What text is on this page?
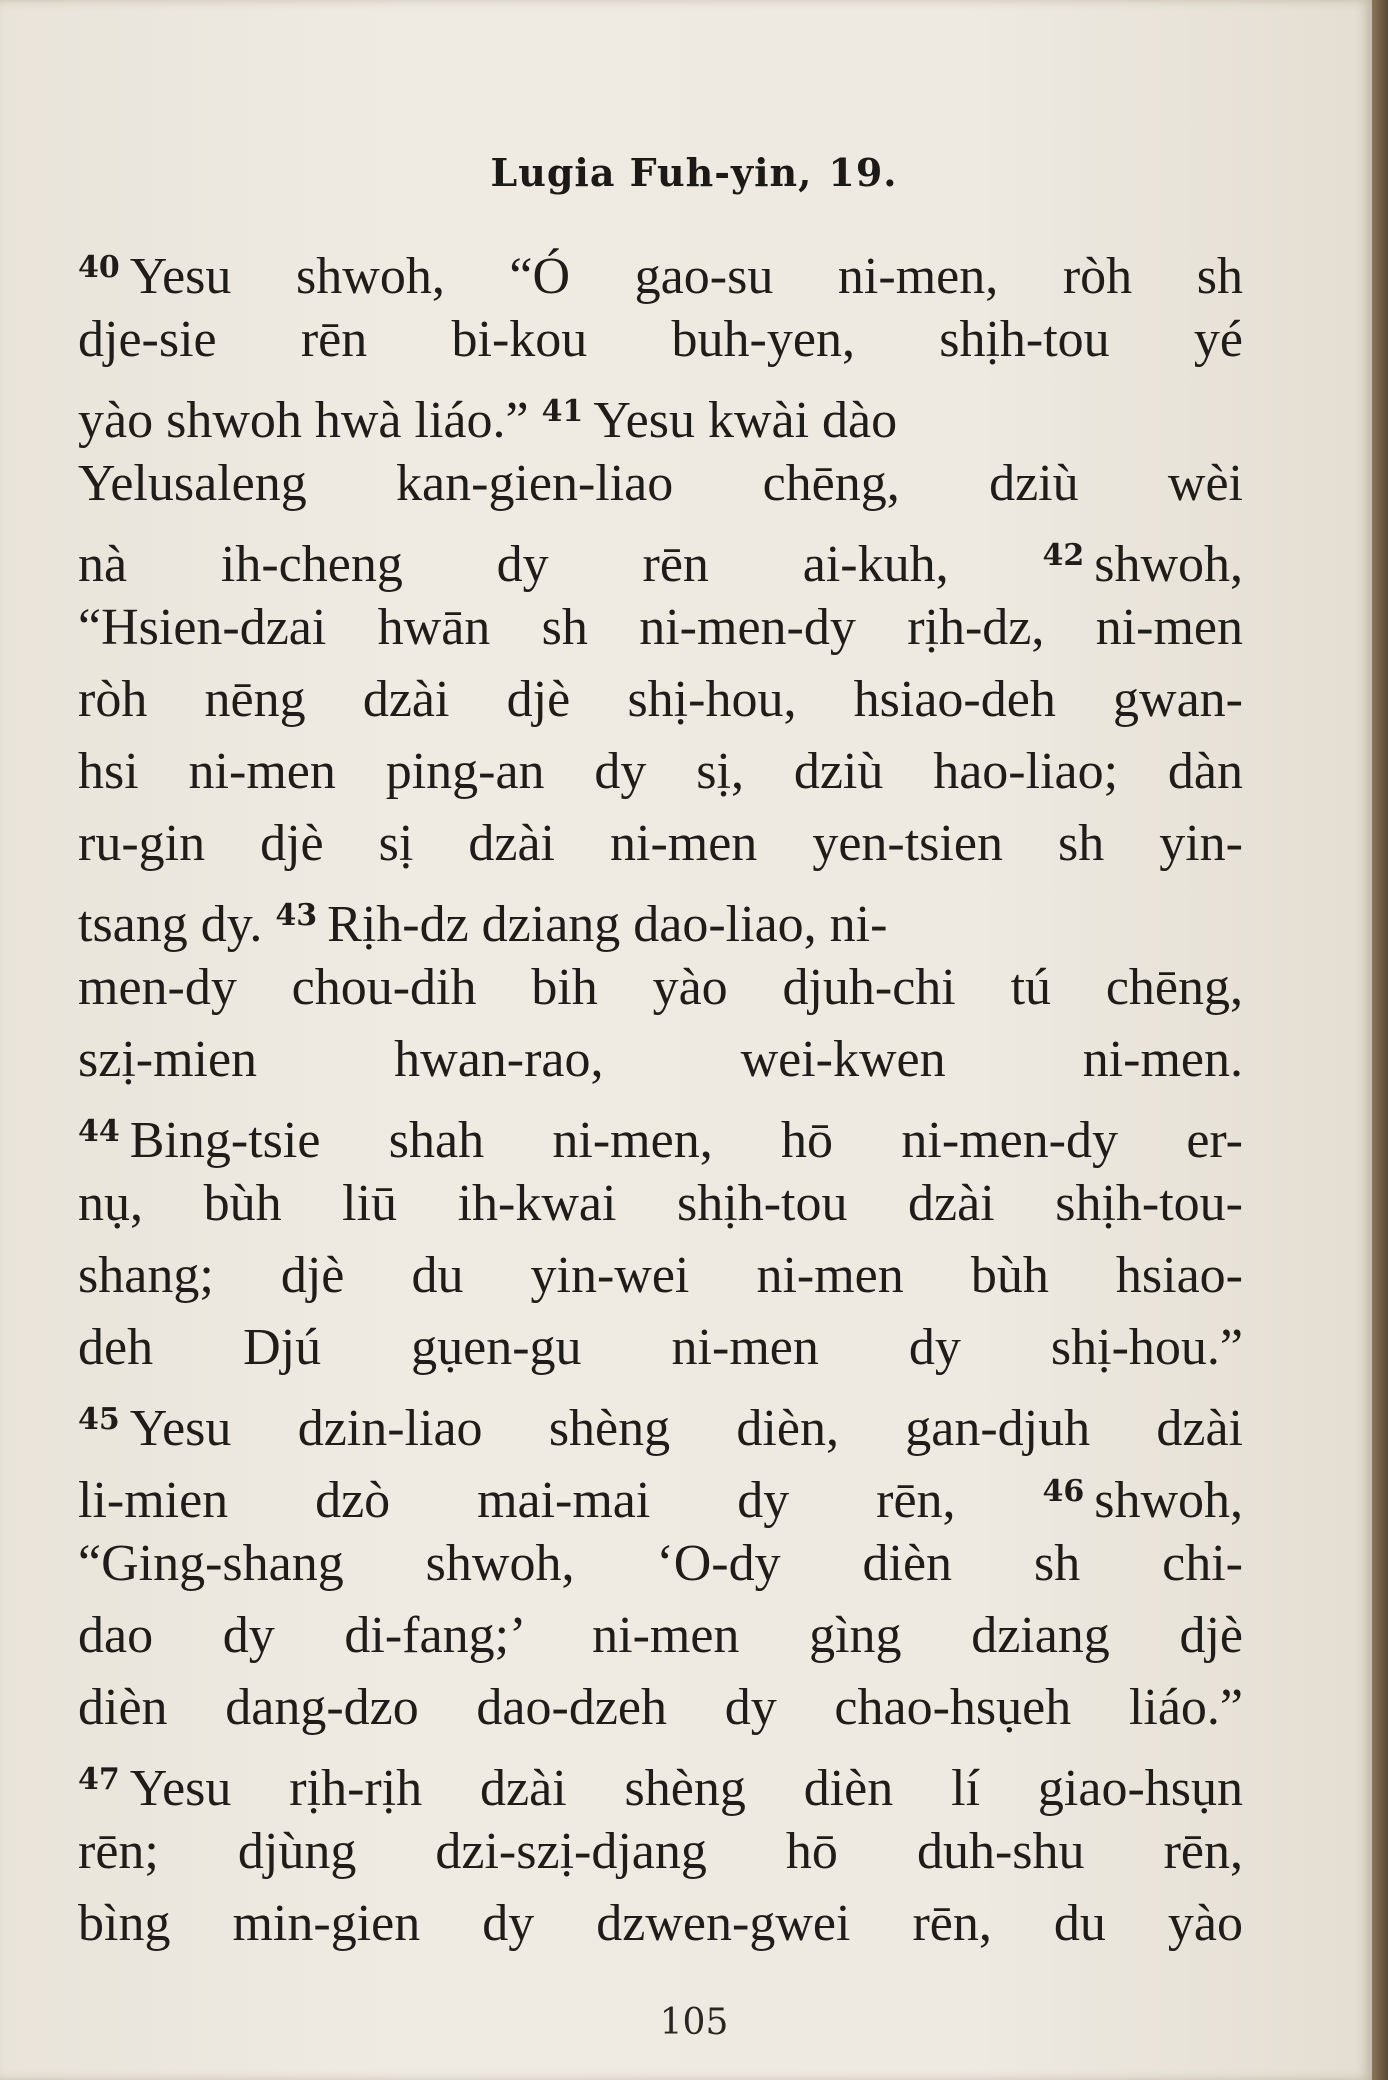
Lugia Fuh-yin, 19.
$^{40}$ Yesu shwoh, “Ó gao-su ni-men, ròh sh
dje-sie rēn bi-kou buh-yen, shịh-tou yé
yào shwoh hwà liáo.” $^{41}$ Yesu kwài dào
Yelusaleng kan-gien-liao chēng, dziù wèi
nà ih-cheng dy rēn ai-kuh,	$^{42}$ shwoh,
“Hsien-dzai hwān sh ni-men-dy rịh-dz, ni-men
ròh nēng dzài djè shị-hou, hsiao-deh gwan-
hsi ni-men ping-an dy sị, dziù hao-liao; dàn
ru-gin djè sị dzài ni-men yen-tsien sh yin-
tsang dy. $^{43}$ Rịh-dz dziang dao-liao, ni-
men-dy chou-dih bih yào djuh-chi tú chēng,
szị-mien hwan-rao, wei-kwen ni-men.
$^{44}$ Bing-tsie shah ni-men, hō ni-men-dy er-
nụ, bùh liū ih-kwai shịh-tou dzài shịh-tou-
shang; djè du yin-wei ni-men bùh hsiao-
deh Djú gụen-gu ni-men dy shị-hou.”
$^{45}$ Yesu dzin-liao shèng dièn, gan-djuh dzài
li-mien dzò mai-mai dy rēn,	$^{46}$ shwoh,
“Ging-shang shwoh, ‘O-dy dièn sh chi-
dao dy di-fang;’ ni-men gìng dziang djè
dièn dang-dzo dao-dzeh dy chao-hsụeh liáo.”
$^{47}$ Yesu rịh-rịh dzài shèng dièn lí giao-hsụn
rēn; djùng dzi-szị-djang hō duh-shu rēn,
bìng min-gien dy dzwen-gwei rēn, du yào
105
